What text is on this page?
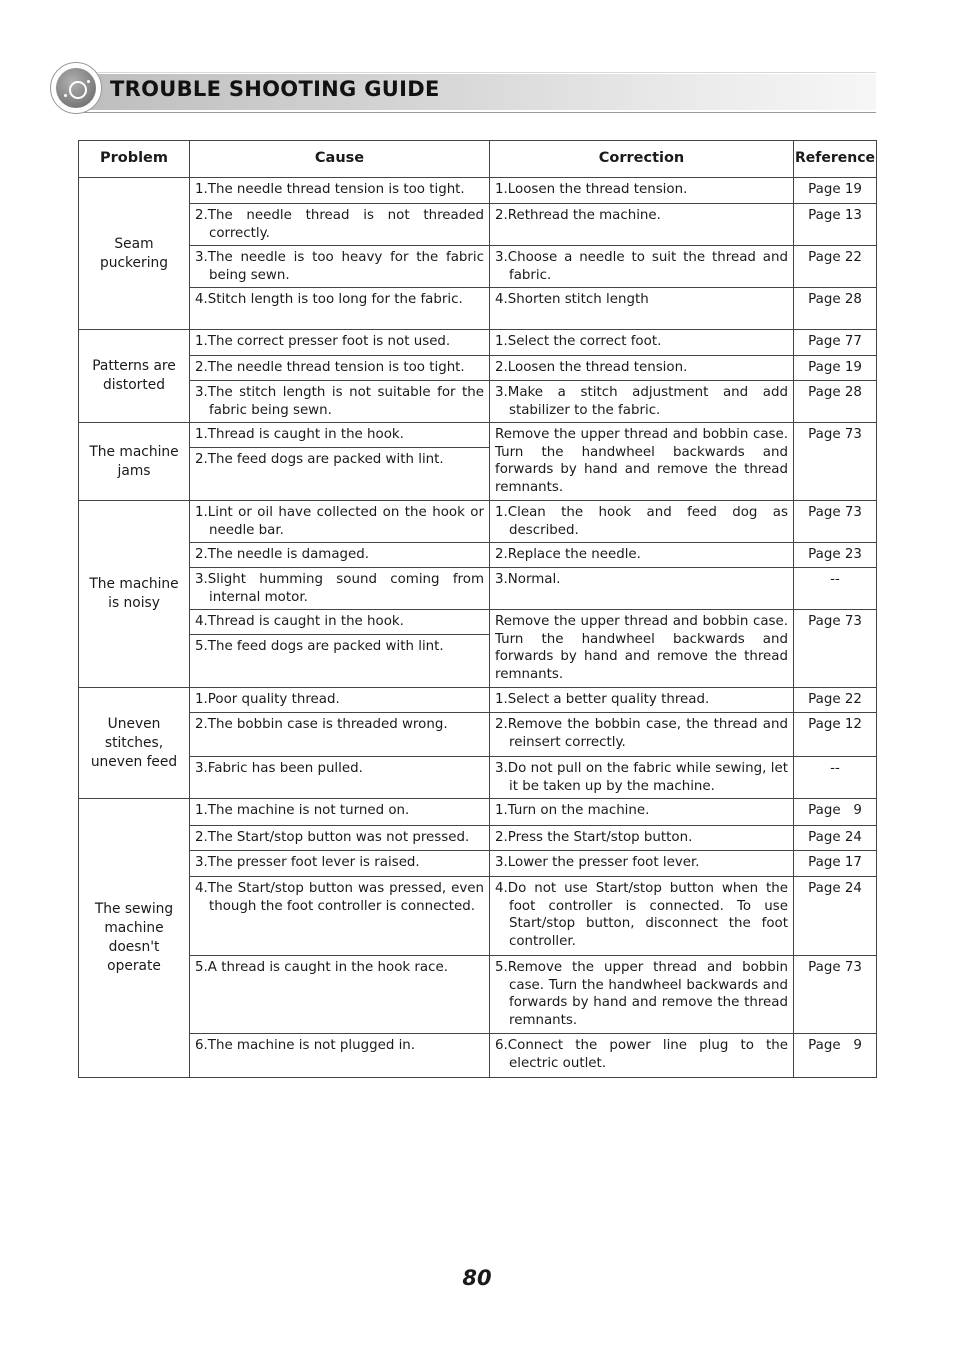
TROUBLE SHOOTING GUIDE
Problem	Cause	Correction	Reference
Seam
puckering	1.The needle thread tension is too tight.	1.Loosen the thread tension.	Page 19

	2.The needle thread is not threaded correctly.	2.Rethread the machine.	Page 13

	3.The needle is too heavy for the fabric being sewn.	3.Choose a needle to suit the thread and fabric.	Page 22

	4.Stitch length is too long for the fabric.	4.Shorten stitch length	Page 28
Patterns are
distorted	1.The correct presser foot is not used.	1.Select the correct foot.	Page 77

	2.The needle thread tension is too tight.	2.Loosen the thread tension.	Page 19

	3.The stitch length is not suitable for the fabric being sewn.	3.Make a stitch adjustment and add stabilizer to the fabric.	Page 28
The machine
jams	1.Thread is caught in the hook.	Remove the upper thread and bobbin case. Turn the handwheel backwards and forwards by hand and remove the thread remnants.	Page 73

	2.The feed dogs are packed with lint.		

The machine
is noisy	1.Lint or oil have collected on the hook or needle bar.	1.Clean the hook and feed dog as described.	Page 73

	2.The needle is damaged.	2.Replace the needle.	Page 23

	3.Slight humming sound coming from internal motor.	3.Normal.	--

	4.Thread is caught in the hook.	Remove the upper thread and bobbin case. Turn the handwheel backwards and forwards by hand and remove the thread remnants.	Page 73

	5.The feed dogs are packed with lint.		

Uneven
stitches,
uneven feed	1.Poor quality thread.	1.Select a better quality thread.	Page 22

	2.The bobbin case is threaded wrong.	2.Remove the bobbin case, the thread and reinsert correctly.	Page 12

	3.Fabric has been pulled.	3.Do not pull on the fabric while sewing, let it be taken up by the machine.	--
The sewing
machine
doesn't
operate	1.The machine is not turned on.	1.Turn on the machine.	Page   9

	2.The Start/stop button was not pressed.	2.Press the Start/stop button.	Page 24

	3.The presser foot lever is raised.	3.Lower the presser foot lever.	Page 17

	4.The Start/stop button was pressed, even though the foot controller is connected.	4.Do not use Start/stop button when the foot controller is connected. To use Start/stop button, disconnect the foot controller.	Page 24

	5.A thread is caught in the hook race.	5.Remove the upper thread and bobbin case. Turn the handwheel backwards and forwards by hand and remove the thread remnants.	Page 73

	6.The machine is not plugged in.	6.Connect the power line plug to the electric outlet.	Page   9
80
